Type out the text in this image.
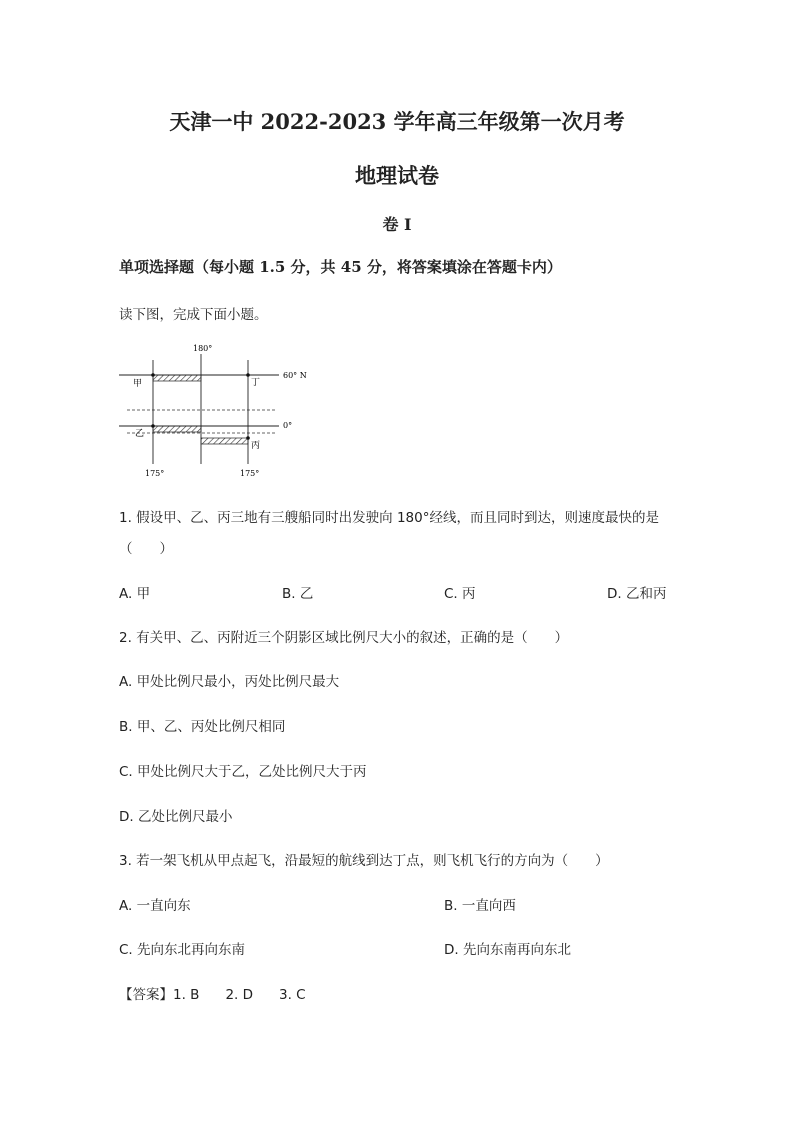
天津一中 2022-2023 学年高三年级第一次月考
地理试卷
卷 I
单项选择题（每小题 1.5 分，共 45 分，将答案填涂在答题卡内）
读下图，完成下面小题。
180°
60° N
0°
175°	175°
甲
乙
丙
丁
1. 假设甲、乙、丙三地有三艘船同时出发驶向 180°经线，而且同时到达，则速度最快的是
（　　）
A. 甲	B. 乙	C. 丙	D. 乙和丙
2. 有关甲、乙、丙附近三个阴影区域比例尺大小的叙述，正确的是（　　）
A. 甲处比例尺最小，丙处比例尺最大
B. 甲、乙、丙处比例尺相同
C. 甲处比例尺大于乙，乙处比例尺大于丙
D. 乙处比例尺最小
3. 若一架飞机从甲点起飞，沿最短的航线到达丁点，则飞机飞行的方向为（　　）
A. 一直向东	B. 一直向西
C. 先向东北再向东南	D. 先向东南再向东北
【答案】1. B 2. D 3. C
